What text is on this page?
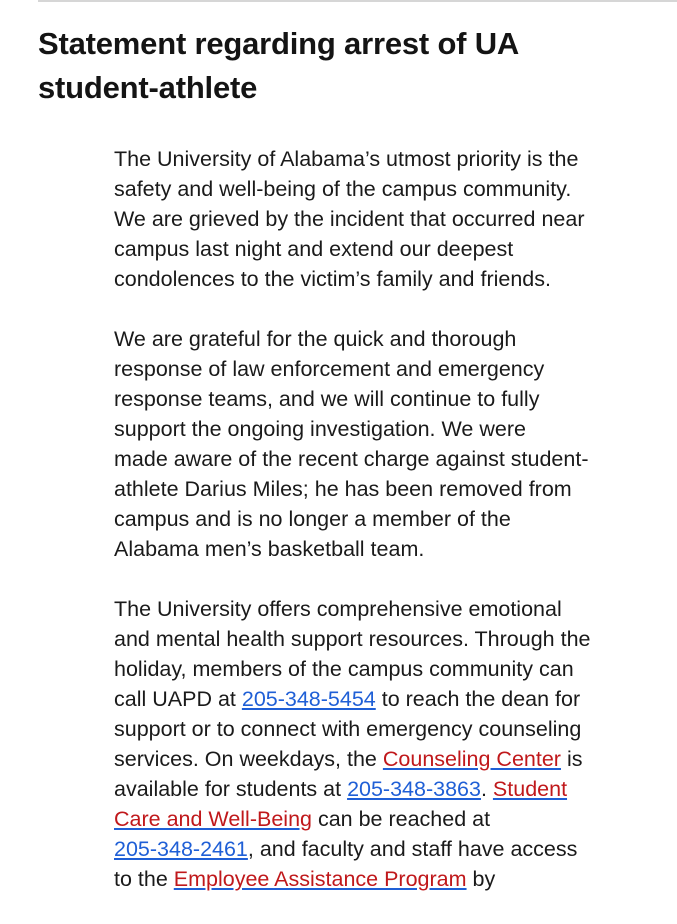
Statement regarding arrest of UA
student-athlete

The University of Alabama’s utmost priority is the
safety and well-being of the campus community.
We are grieved by the incident that occurred near
campus last night and extend our deepest
condolences to the victim’s family and friends.

We are grateful for the quick and thorough
response of law enforcement and emergency
response teams, and we will continue to fully
support the ongoing investigation. We were
made aware of the recent charge against student-
athlete Darius Miles; he has been removed from
campus and is no longer a member of the
Alabama men’s basketball team.

The University offers comprehensive emotional
and mental health support resources. Through the
holiday, members of the campus community can
call UAPD at 205-348-5454 to reach the dean for
support or to connect with emergency counseling
services. On weekdays, the Counseling Center is
available for students at 205-348-3863. Student
Care and Well-Being can be reached at
205-348-2461, and faculty and staff have access
to the Employee Assistance Program by
